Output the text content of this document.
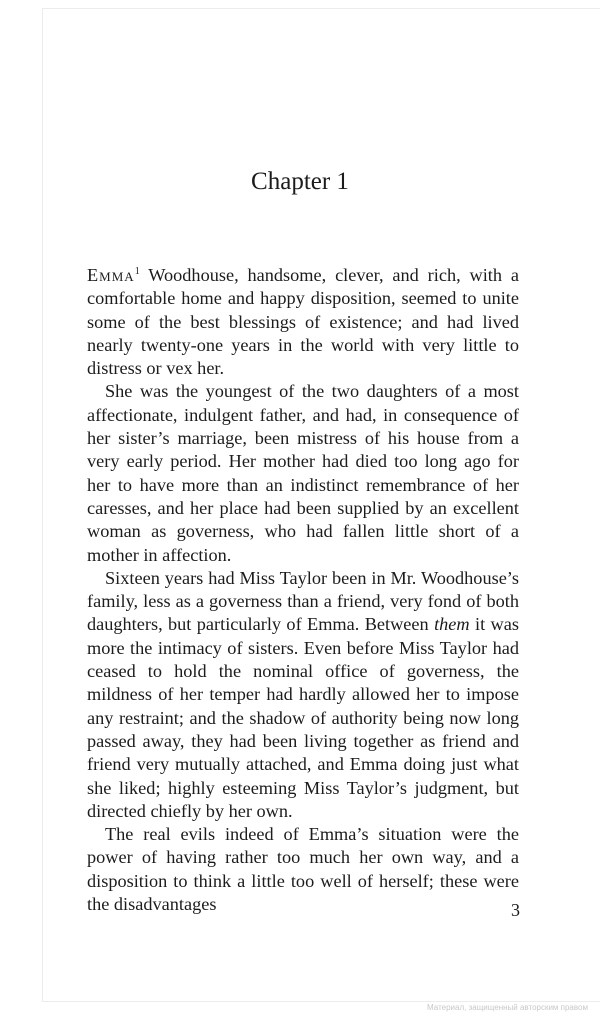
Chapter 1

Emma$^1$ Woodhouse, handsome, clever, and rich, with a comfortable home and happy disposition, seemed to unite some of the best blessings of existence; and had lived nearly twenty-one years in the world with very little to distress or vex her.

She was the youngest of the two daughters of a most affectionate, indulgent father, and had, in consequence of her sister’s marriage, been mistress of his house from a very early period. Her mother had died too long ago for her to have more than an indistinct remembrance of her caresses, and her place had been supplied by an excellent woman as governess, who had fallen little short of a mother in affection.

Sixteen years had Miss Taylor been in Mr. Woodhouse’s family, less as a governess than a friend, very fond of both daughters, but particularly of Emma. Between them it was more the intimacy of sisters. Even before Miss Taylor had ceased to hold the nominal office of governess, the mildness of her temper had hardly allowed her to impose any restraint; and the shadow of authority being now long passed away, they had been living together as friend and friend very mutually attached, and Emma doing just what she liked; highly esteeming Miss Taylor’s judgment, but directed chiefly by her own.

The real evils indeed of Emma’s situation were the power of having rather too much her own way, and a disposition to think a little too well of herself; these were the disadvantages	3
Материал, защищенный авторским правом
